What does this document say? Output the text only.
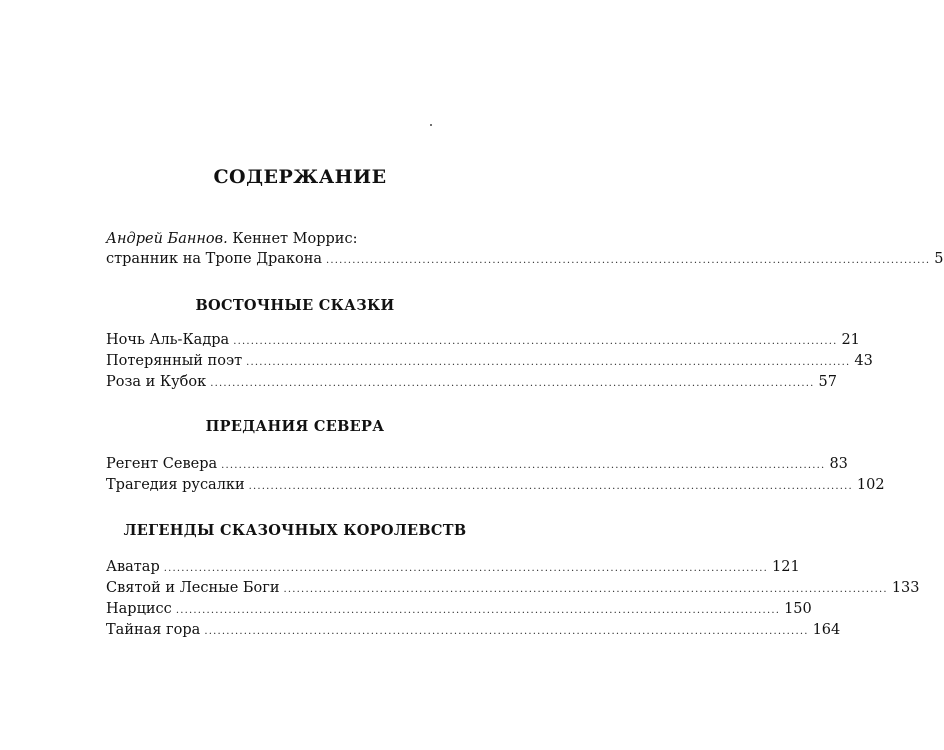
СОДЕРЖАНИЕ
Андрей Баннов. Кеннет Моррис:
странник на Тропе Дракона .......................................................................................................................................... 5
ВОСТОЧНЫЕ СКАЗКИ
Ночь Аль-Кадра .......................................................................................................................................... 21
Потерянный поэт .......................................................................................................................................... 43
Роза и Кубок .......................................................................................................................................... 57
ПРЕДАНИЯ СЕВЕРА
Регент Севера .......................................................................................................................................... 83
Трагедия русалки .......................................................................................................................................... 102
ЛЕГЕНДЫ СКАЗОЧНЫХ КОРОЛЕВСТВ
Аватар .......................................................................................................................................... 121
Святой и Лесные Боги .......................................................................................................................................... 133
Нарцисс .......................................................................................................................................... 150
Тайная гора .......................................................................................................................................... 164
